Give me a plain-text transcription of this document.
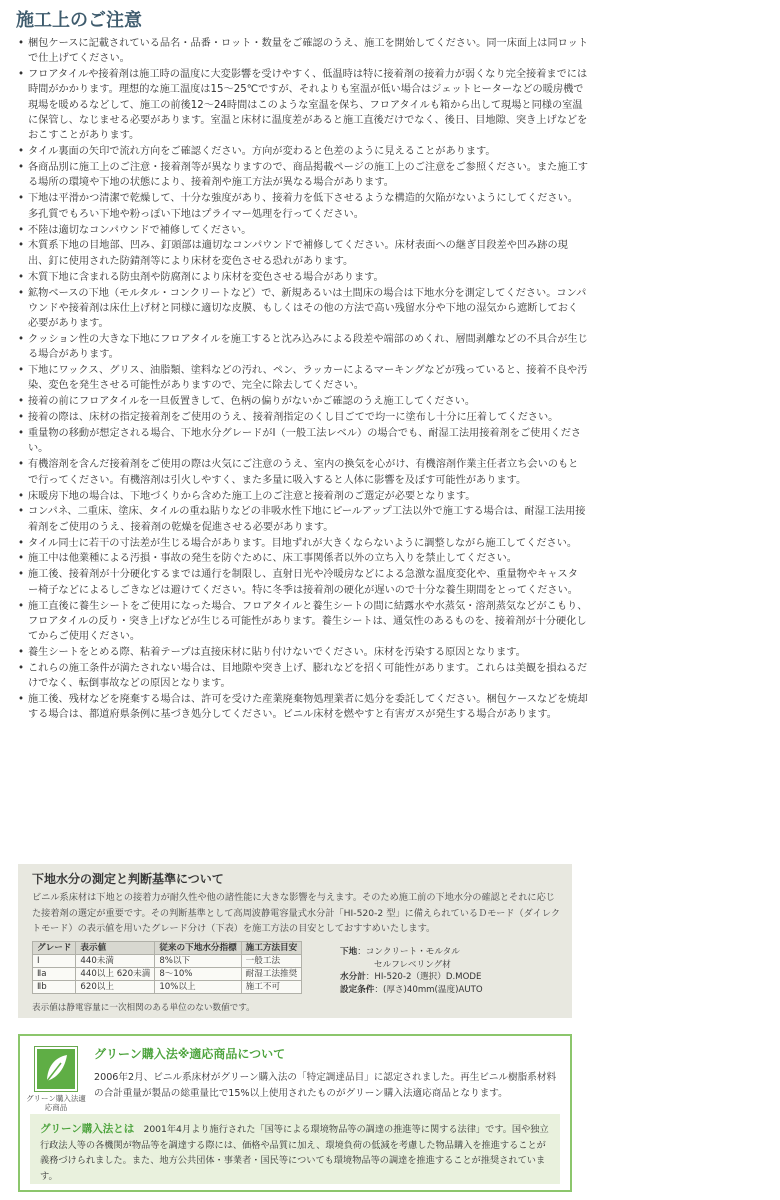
施工上のご注意
• 梱包ケースに記載されている品名・品番・ロット・数量をご確認のうえ、施工を開始してください。同一床面上は同ロットで仕上げてください。
• フロアタイルや接着剤は施工時の温度に大変影響を受けやすく、低温時は特に接着剤の接着力が弱くなり完全接着までには時間がかかります。理想的な施工温度は15〜25℃ですが、それよりも室温が低い場合はジェットヒーターなどの暖房機で現場を暖めるなどして、施工の前後12〜24時間はこのような室温を保ち、フロアタイルも箱から出して現場と同様の室温に保管し、なじませる必要があります。室温と床材に温度差があると施工直後だけでなく、後日、目地隙、突き上げなどをおこすことがあります。
• タイル裏面の矢印で流れ方向をご確認ください。方向が変わると色差のように見えることがあります。
• 各商品別に施工上のご注意・接着剤等が異なりますので、商品掲載ページの施工上のご注意をご参照ください。また施工する場所の環境や下地の状態により、接着剤や施工方法が異なる場合があります。
• 下地は平滑かつ清潔で乾燥して、十分な強度があり、接着力を低下させるような構造的欠陥がないようにしてください。多孔質でもろい下地や粉っぽい下地はプライマー処理を行ってください。
• 不陸は適切なコンパウンドで補修してください。
• 木質系下地の目地部、凹み、釘頭部は適切なコンパウンドで補修してください。床材表面への継ぎ目段差や凹み跡の現出、釘に使用された防錆剤等により床材を変色させる恐れがあります。
• 木質下地に含まれる防虫剤や防腐剤により床材を変色させる場合があります。
• 鉱物ベースの下地（モルタル・コンクリートなど）で、新規あるいは土間床の場合は下地水分を測定してください。コンパウンドや接着剤は床仕上げ材と同様に適切な皮膜、もしくはその他の方法で高い残留水分や下地の湿気から遮断しておく必要があります。
• クッション性の大きな下地にフロアタイルを施工すると沈み込みによる段差や端部のめくれ、層間剥離などの不具合が生じる場合があります。
• 下地にワックス、グリス、油脂類、塗料などの汚れ、ペン、ラッカーによるマーキングなどが残っていると、接着不良や汚染、変色を発生させる可能性がありますので、完全に除去してください。
• 接着の前にフロアタイルを一旦仮置きして、色柄の偏りがないかご確認のうえ施工してください。
• 接着の際は、床材の指定接着剤をご使用のうえ、接着剤指定のくし目ごてで均一に塗布し十分に圧着してください。
• 重量物の移動が想定される場合、下地水分グレードがⅠ（一般工法レベル）の場合でも、耐湿工法用接着剤をご使用ください。
• 有機溶剤を含んだ接着剤をご使用の際は火気にご注意のうえ、室内の換気を心がけ、有機溶剤作業主任者立ち会いのもとで行ってください。有機溶剤は引火しやすく、また多量に吸入すると人体に影響を及ぼす可能性があります。
• 床暖房下地の場合は、下地づくりから含めた施工上のご注意と接着剤のご選定が必要となります。
• コンパネ、二重床、塗床、タイルの重ね貼りなどの非吸水性下地にピールアップ工法以外で施工する場合は、耐湿工法用接着剤をご使用のうえ、接着剤の乾燥を促進させる必要があります。
• タイル同士に若干の寸法差が生じる場合があります。目地ずれが大きくならないように調整しながら施工してください。
• 施工中は他業種による汚損・事故の発生を防ぐために、床工事関係者以外の立ち入りを禁止してください。
• 施工後、接着剤が十分硬化するまでは通行を制限し、直射日光や冷暖房などによる急激な温度変化や、重量物やキャスター椅子などによるしごきなどは避けてください。特に冬季は接着剤の硬化が遅いので十分な養生期間をとってください。
• 施工直後に養生シートをご使用になった場合、フロアタイルと養生シートの間に結露水や水蒸気・溶剤蒸気などがこもり、フロアタイルの反り・突き上げなどが生じる可能性があります。養生シートは、通気性のあるものを、接着剤が十分硬化してからご使用ください。
• 養生シートをとめる際、粘着テープは直接床材に貼り付けないでください。床材を汚染する原因となります。
• これらの施工条件が満たされない場合は、目地隙や突き上げ、膨れなどを招く可能性があります。これらは美観を損ねるだけでなく、転倒事故などの原因となります。
• 施工後、残材などを廃棄する場合は、許可を受けた産業廃棄物処理業者に処分を委託してください。梱包ケースなどを焼却する場合は、都道府県条例に基づき処分してください。ビニル床材を燃やすと有害ガスが発生する場合があります。
下地水分の測定と判断基準について
ビニル系床材は下地との接着力が耐久性や他の諸性能に大きな影響を与えます。そのため施工前の下地水分の確認とそれに応じた接着剤の選定が重要です。その判断基準として高周波静電容量式水分計「HI-520-2 型」に備えられているＤモード（ダイレクトモード）の表示値を用いたグレード分け（下表）を施工方法の目安としておすすめいたします。
グレード	表示値	従来の下地水分指標	施工方法目安
Ⅰ	440未満	8%以下	一般工法
Ⅱa	440以上 620未満	8〜10%	耐湿工法推奨
Ⅱb	620以上	10%以上	施工不可
下地：コンクリート・モルタル
セルフレベリング材
水分計：HI-520-2（選択）D.MODE
設定条件：(厚さ)40mm(温度)AUTO
表示値は静電容量に一次相関のある単位のない数値です。
グリーン購入法適応商品
グリーン購入法※適応商品について
2006年2月、ビニル系床材がグリーン購入法の「特定調達品目」に認定されました。再生ビニル樹脂系材料の合計重量が製品の総重量比で15%以上使用されたものがグリーン購入法適応商品となります。
グリーン購入法とは　 2001年4月より施行された「国等による環境物品等の調達の推進等に関する法律」です。国や独立行政法人等の各機関が物品等を調達する際には、価格や品質に加え、環境負荷の低減を考慮した物品購入を推進することが義務づけられました。また、地方公共団体・事業者・国民等についても環境物品等の調達を推進することが推奨されています。
